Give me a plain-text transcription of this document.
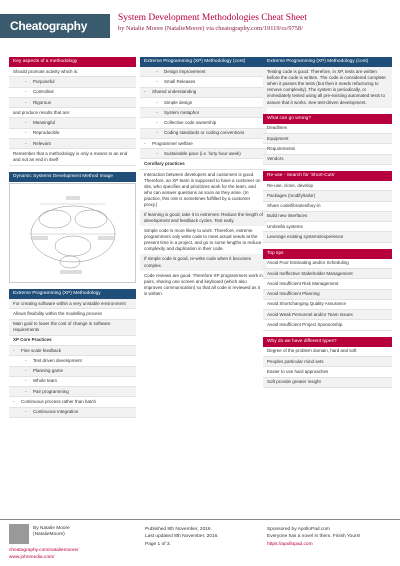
Cheatography
System Development Methodologies Cheat Sheet
by Natalie Moore (NatalieMoore) via cheatography.com/19119/cs/9758/
Key aspects of a methodology
Should promote activity which is:
- Purposeful
- Controlled
- Rigorous
and produce results that are:
- Meaningful
- Reproducible
- Relevant
Remember that a methodology is only a means to an end and not an end in itself
Dynamic Systems Development Method Image
Extreme Programming (XP) Methodology
For creating software within a very unstable environment
Allows flexibility within the modelling process
Main goal to lower the cost of change in software requirements
XP Core Practices
- Fine scale feedback
- Test driven development
- Planning game
- Whole team
- Pair programming
- Continuous process rather than batch
- Continuous Integration
Extreme Programming (XP) Methodology (cont)
- Design Improvement
- Small Releases
- Shared understanding
- Simple design
- System metaphor
- Collective code ownership
- Coding standards or coding conventions
- Programmer welfare
- Sustainable pace (i.e. forty hour week)
Corollary practices
Interaction between developers and customers is good. Therefore, an XP team is supposed to have a customer on site, who specifies and prioritizes work for the team, and who can answer questions as soon as they arise. (In practice, this role is sometimes fulfilled by a customer proxy.)
If learning is good, take it to extremes: Reduce the length of development and feedback cycles. Test early.
Simple code is more likely to work. Therefore, extreme programmers only write code to meet actual needs at the present time in a project, and go to some lengths to reduce complexity and duplication in their code.
If simple code is good, re-write code when it becomes complex.
Code reviews are good. Therefore XP programmers work in pairs, sharing one screen and keyboard (which also improves communication) so that all code is reviewed as it is written.
Extreme Programming (XP) Methodology (cont)
Testing code is good. Therefore, in XP, tests are written before the code is written. The code is considered complete when it passes the tests (but then it needs refactoring to remove complexity). The system is periodically, or immediately tested using all pre-existing automated tests to assure that it works. See test-driven development.
What can go wrong?
Deadlines
Equipment
Requirements
Vendors
Re-use - Search for 'Short-Cuts'
Re-use, clone, develop
Packages (modify/tailor)
Share code/libraries/buy-in
Build new interfaces
Umbrella systems
Leverage existing systems/experience
Top tips
Avoid Poor Estimating and/or Scheduling
Avoid Ineffective Stakeholder Management
Avoid Insufficient Risk Management
Avoid Insufficient Planning
Avoid Shortchanging Quality Assurance
Avoid Weak Personnel and/or Team Issues
Avoid Insufficient Project Sponsorship
Why do we have different types?
Degree of the problem domain, hard and soft
Peoples particular mind sets
Easier to use hard approaches
Soft provide greater insight
By Natalie Moore
(NatalieMoore)
cheatography.com/nataliemoore/
www.johnmedia.com/
Published 8th November, 2016.
Last updated 8th November, 2016.
Page 1 of 3.
Sponsored by ApolloPad.com
Everyone has a novel in them. Finish Yours!
https://apollopad.com
